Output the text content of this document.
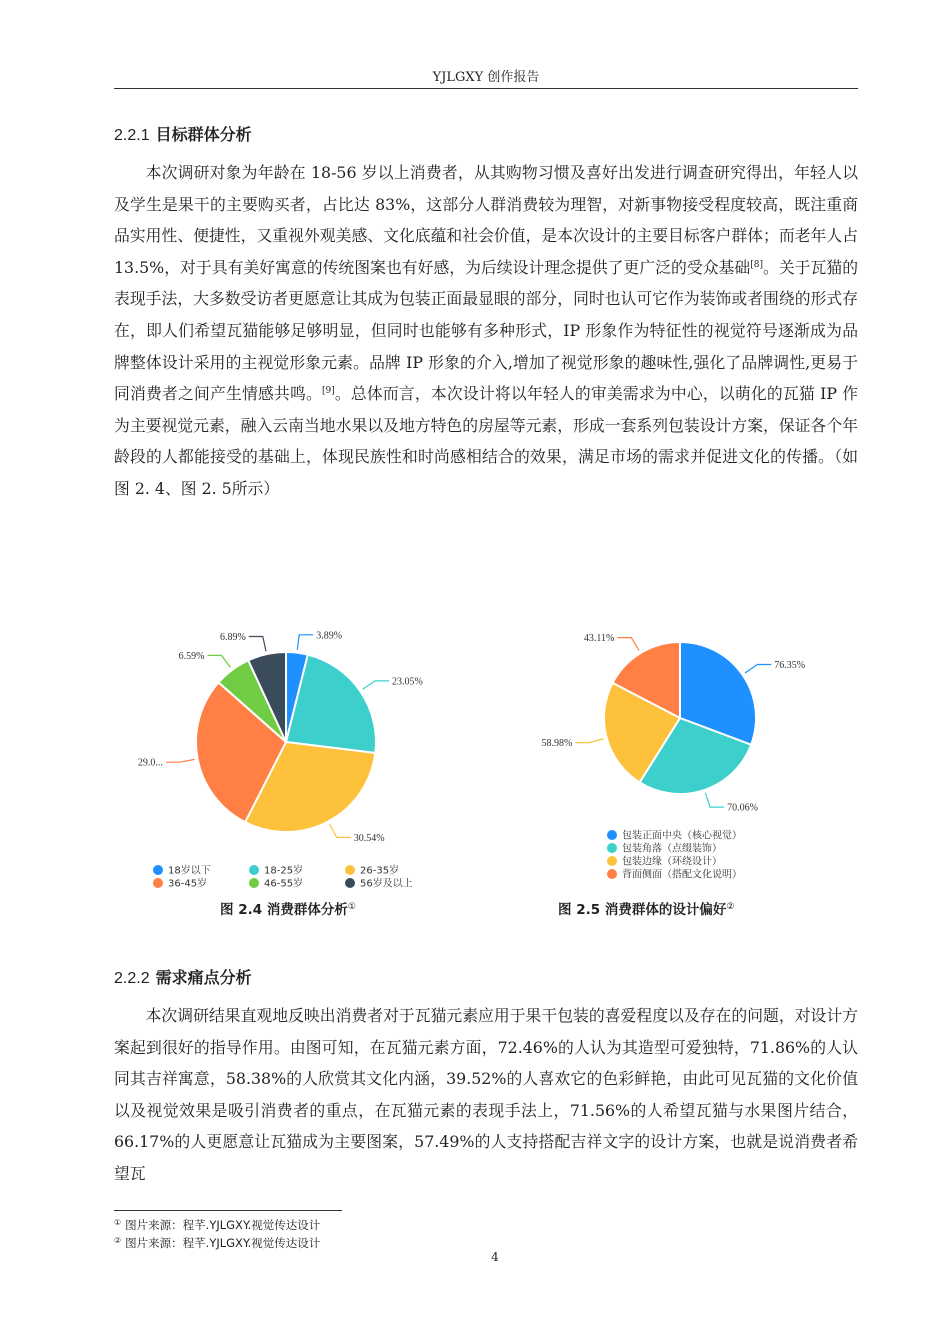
YJLGXY 创作报告
2.2.1 目标群体分析
本次调研对象为年龄在 18-56 岁以上消费者，从其购物习惯及喜好出发进行调查研究得出，年轻人以及学生是果干的主要购买者，占比达 83%，这部分人群消费较为理智，对新事物接受程度较高，既注重商品实用性、便捷性，又重视外观美感、文化底蕴和社会价值，是本次设计的主要目标客户群体；而老年人占 13.5%，对于具有美好寓意的传统图案也有好感，为后续设计理念提供了更广泛的受众基础[8]。关于瓦猫的表现手法，大多数受访者更愿意让其成为包装正面最显眼的部分，同时也认可它作为装饰或者围绕的形式存在，即人们希望瓦猫能够足够明显，但同时也能够有多种形式，IP 形象作为特征性的视觉符号逐渐成为品牌整体设计采用的主视觉形象元素。品牌 IP 形象的介入,增加了视觉形象的趣味性,强化了品牌调性,更易于同消费者之间产生情感共鸣。[9]。总体而言，本次设计将以年轻人的审美需求为中心，以萌化的瓦猫 IP 作为主要视觉元素，融入云南当地水果以及地方特色的房屋等元素，形成一套系列包装设计方案，保证各个年龄段的人都能接受的基础上，体现民族性和时尚感相结合的效果，满足市场的需求并促进文化的传播。（如图 2. 4、图 2. 5所示）
3.89%
23.05%
30.54%
29.0...
6.59%
6.89%
18岁以下	18-25岁	26-35岁
36-45岁	46-55岁	56岁及以上
图 2.4 消费群体分析①
76.35%
70.06%
58.98%
43.11%
包装正面中央（核心视觉）
包装角落（点缀装饰）
包装边缘（环绕设计）
背面侧面（搭配文化说明）
图 2.5 消费群体的设计偏好②
2.2.2 需求痛点分析
本次调研结果直观地反映出消费者对于瓦猫元素应用于果干包装的喜爱程度以及存在的问题，对设计方案起到很好的指导作用。由图可知，在瓦猫元素方面，72.46%的人认为其造型可爱独特，71.86%的人认同其吉祥寓意，58.38%的人欣赏其文化内涵，39.52%的人喜欢它的色彩鲜艳，由此可见瓦猫的文化价值以及视觉效果是吸引消费者的重点，在瓦猫元素的表现手法上，71.56%的人希望瓦猫与水果图片结合，66.17%的人更愿意让瓦猫成为主要图案，57.49%的人支持搭配吉祥文字的设计方案，也就是说消费者希望瓦
① 图片来源：程芊.YJLGXY.视觉传达设计
② 图片来源：程芊.YJLGXY.视觉传达设计
4
